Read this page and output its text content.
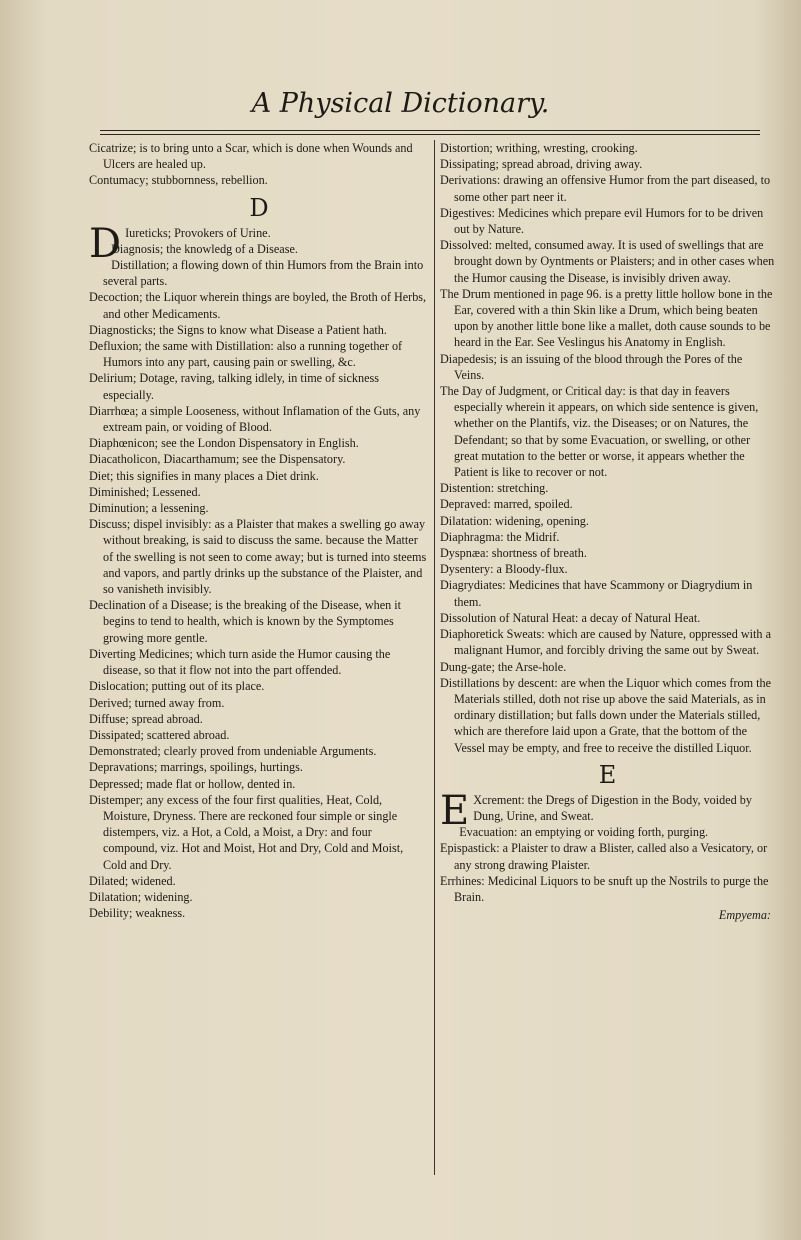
A Physical Dictionary.

Cicatrize; is to bring unto a Scar, which is done when Wounds and Ulcers are healed up.

Contumacy; stubbornness, rebellion.

D

D Iureticks; Provokers of Urine.

Diagnosis; the knowledg of a Disease.

Distillation; a flowing down of thin Humors from the Brain into several parts.

Decoction; the Liquor wherein things are boyled, the Broth of Herbs, and other Medicaments.

Diagnosticks; the Signs to know what Disease a Patient hath.

Defluxion; the same with Distillation: also a running together of Humors into any part, causing pain or swelling, &c.

Delirium; Dotage, raving, talking idlely, in time of sickness especially.

Diarrhœa; a simple Looseness, without Inflamation of the Guts, any extream pain, or voiding of Blood.

Diaphœnicon; see the London Dispensatory in English.

Diacatholicon, Diacarthamum; see the Dispensatory.

Diet; this signifies in many places a Diet drink.

Diminished; Lessened.

Diminution; a lessening.

Discuss; dispel invisibly: as a Plaister that makes a swelling go away without breaking, is said to discuss the same. because the Matter of the swelling is not seen to come away; but is turned into steems and vapors, and partly drinks up the substance of the Plaister, and so vanisheth invisibly.

Declination of a Disease; is the breaking of the Disease, when it begins to tend to health, which is known by the Symptomes growing more gentle.

Diverting Medicines; which turn aside the Humor causing the disease, so that it flow not into the part offended.

Dislocation; putting out of its place.

Derived; turned away from.

Diffuse; spread abroad.

Dissipated; scattered abroad.

Demonstrated; clearly proved from undeniable Arguments.

Depravations; marrings, spoilings, hurtings.

Depressed; made flat or hollow, dented in.

Distemper; any excess of the four first qualities, Heat, Cold, Moisture, Dryness. There are reckoned four simple or single distempers, viz. a Hot, a Cold, a Moist, a Dry: and four compound, viz. Hot and Moist, Hot and Dry, Cold and Moist, Cold and Dry.

Dilated; widened.

Dilatation; widening.

Debility; weakness.

Distortion; writhing, wresting, crooking.

Dissipating; spread abroad, driving away.

Derivations: drawing an offensive Humor from the part diseased, to some other part neer it.

Digestives: Medicines which prepare evil Humors for to be driven out by Nature.

Dissolved: melted, consumed away. It is used of swellings that are brought down by Oyntments or Plaisters; and in other cases when the Humor causing the Disease, is invisibly driven away.

The Drum mentioned in page 96. is a pretty little hollow bone in the Ear, covered with a thin Skin like a Drum, which being beaten upon by another little bone like a mallet, doth cause sounds to be heard in the Ear. See Veslingus his Anatomy in English.

Diapedesis; is an issuing of the blood through the Pores of the Veins.

The Day of Judgment, or Critical day: is that day in feavers especially wherein it appears, on which side sentence is given, whether on the Plantifs, viz. the Diseases; or on Natures, the Defendant; so that by some Evacuation, or swelling, or other great mutation to the better or worse, it appears whether the Patient is like to recover or not.

Distention: stretching.

Depraved: marred, spoiled.

Dilatation: widening, opening.

Diaphragma: the Midrif.

Dyspnæa: shortness of breath.

Dysentery: a Bloody-flux.

Diagrydiates: Medicines that have Scammony or Diagrydium in them.

Dissolution of Natural Heat: a decay of Natural Heat.

Diaphoretick Sweats: which are caused by Nature, oppressed with a malignant Humor, and forcibly driving the same out by Sweat.

Dung-gate; the Arse-hole.

Distillations by descent: are when the Liquor which comes from the Materials stilled, doth not rise up above the said Materials, as in ordinary distillation; but falls down under the Materials stilled, which are therefore laid upon a Grate, that the bottom of the Vessel may be empty, and free to receive the distilled Liquor.

E

E Xcrement: the Dregs of Digestion in the Body, voided by Dung, Urine, and Sweat.

Evacuation: an emptying or voiding forth, purging.

Epispastick: a Plaister to draw a Blister, called also a Vesicatory, or any strong drawing Plaister.

Errhines: Medicinal Liquors to be snuft up the Nostrils to purge the Brain.

Empyema:
